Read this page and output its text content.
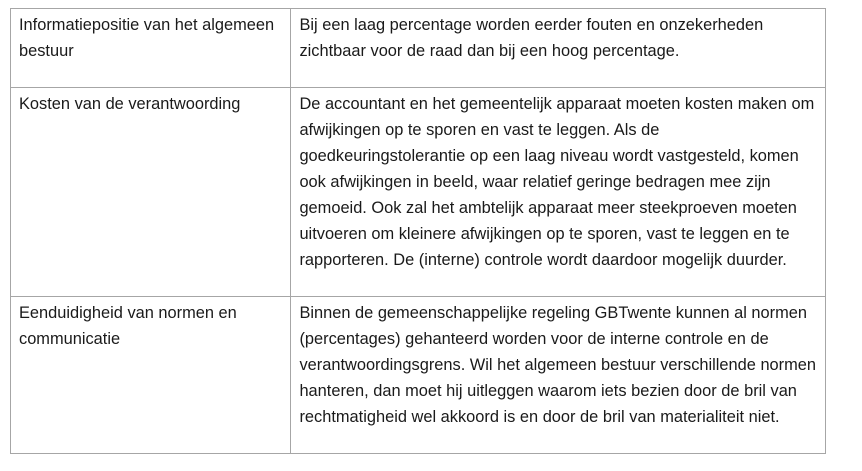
Informatiepositie van het algemeen bestuur	Bij een laag percentage worden eerder fouten en onzekerheden zichtbaar voor de raad dan bij een hoog percentage.
Kosten van de verantwoording	De accountant en het gemeentelijk apparaat moeten kosten maken om afwijkingen op te sporen en vast te leggen. Als de goedkeuringstolerantie op een laag niveau wordt vastgesteld, komen ook afwijkingen in beeld, waar relatief geringe bedragen mee zijn gemoeid. Ook zal het ambtelijk apparaat meer steekproeven moeten uitvoeren om kleinere afwijkingen op te sporen, vast te leggen en te rapporteren. De (interne) controle wordt daardoor mogelijk duurder.
Eenduidigheid van normen en communicatie	Binnen de gemeenschappelijke regeling GBTwente kunnen al normen (percentages) gehanteerd worden voor de interne controle en de verantwoordingsgrens. Wil het algemeen bestuur verschillende normen hanteren, dan moet hij uitleggen waarom iets bezien door de bril van rechtmatigheid wel akkoord is en door de bril van materialiteit niet.
